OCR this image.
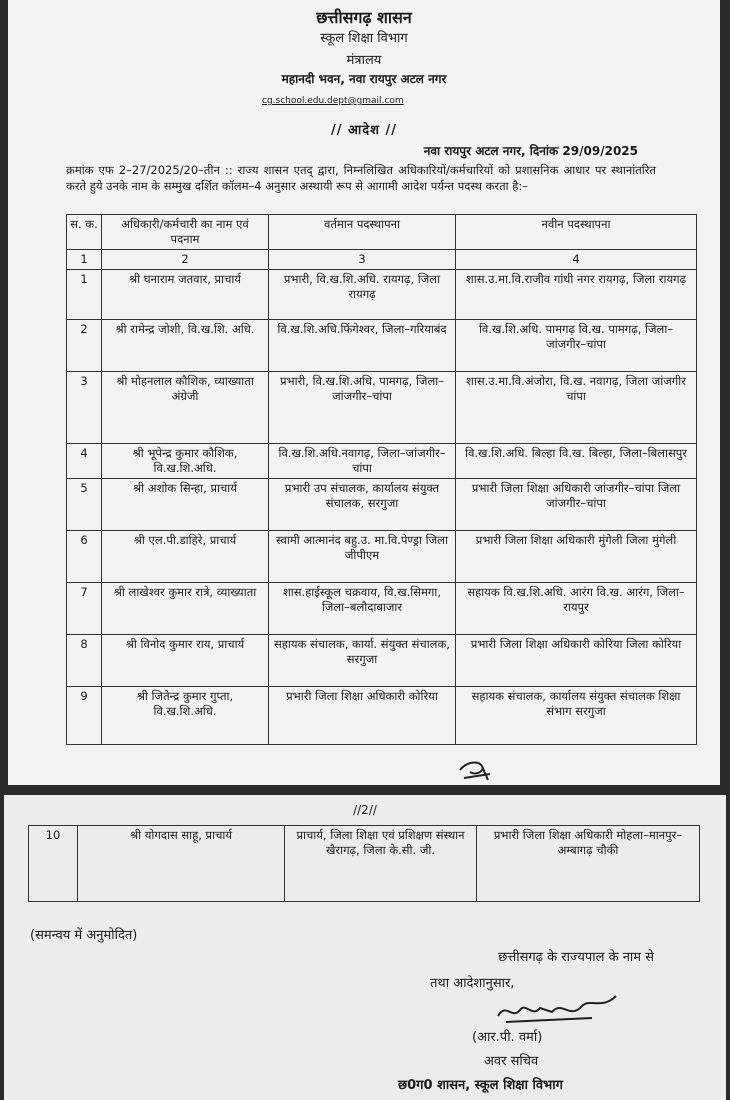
छत्तीसगढ़ शासन
स्कूल शिक्षा विभाग
मंत्रालय
महानदी भवन, नवा रायपुर अटल नगर
cg.school.edu.dept@gmail.com
// आदेश //
नवा रायपुर अटल नगर, दिनांक 29/09/2025
क्रमांक एफ 2–27/2025/20–तीन :: राज्य शासन एतद् द्वारा, निम्नलिखित अधिकारियों/कर्मचारियों को प्रशासनिक आधार पर स्थानांतरित करते हुये उनके नाम के सम्मुख दर्शित कॉलम–4 अनुसार अस्थायी रूप से आगामी आदेश पर्यन्त पदस्थ करता है:–
स. क.	अधिकारी/कर्मचारी का नाम एवं पदनाम	वर्तमान पदस्थापना	नवीन पदस्थापना
1	2	3	4
1	श्री घनाराम जतवार, प्राचार्य	प्रभारी, वि.ख.शि.अधि. रायगढ़, जिला रायगढ़	शास.उ.मा.वि.राजीव गांधी नगर रायगढ़, जिला रायगढ़
2	श्री रामेन्द्र जोशी, वि.ख.शि. अधि.	वि.ख.शि.अधि.फिंगेश्वर, जिला–गरियाबंद	वि.ख.शि.अधि. पामगढ़ वि.ख. पामगढ़, जिला–जांजगीर–चांपा
3	श्री मोहनलाल कौशिक, व्याख्याता अंग्रेजी	प्रभारी, वि.ख.शि.अधि. पामगढ़, जिला–जांजगीर–चांपा	शास.उ.मा.वि.अंजोरा, वि.ख. नवागढ़, जिला जांजगीर चांपा
4	श्री भूपेन्द्र कुमार कौशिक, वि.ख.शि.अधि.	वि.ख.शि.अधि.नवागढ़, जिला–जांजगीर–चांपा	वि.ख.शि.अधि. बिल्हा वि.ख. बिल्हा, जिला–बिलासपुर
5	श्री अशोक सिन्हा, प्राचार्य	प्रभारी उप संचालक, कार्यालय संयुक्त संचालक, सरगुजा	प्रभारी जिला शिक्षा अधिकारी जांजगीर–चांपा जिला जांजगीर–चांपा
6	श्री एल.पी.डाहिरे, प्राचार्य	स्वामी आत्मानंद बहु.उ. मा.वि.पेण्ड्रा जिला जीपीएम	प्रभारी जिला शिक्षा अधिकारी मुंगेली जिला मुंगेली
7	श्री लाखेश्वर कुमार रात्रे, व्याख्याता	शास.हाईस्कूल चक्रवाय, वि.ख.सिमगा, जिला–बलौदाबाजार	सहायक वि.ख.शि.अधि. आरंग वि.ख. आरंग, जिला–रायपुर
8	श्री विनोद कुमार राय, प्राचार्य	सहायक संचालक, कार्या. संयुक्त संचालक, सरगुजा	प्रभारी जिला शिक्षा अधिकारी कोरिया जिला कोरिया
9	श्री जितेन्द्र कुमार गुप्ता, वि.ख.शि.अधि.	प्रभारी जिला शिक्षा अधिकारी कोरिया	सहायक संचालक, कार्यालय संयुक्त संचालक शिक्षा संभाग सरगुजा
//2//
10	श्री योगदास साहू, प्राचार्य	प्राचार्य, जिला शिक्षा एवं प्रशिक्षण संस्थान खैरागढ़, जिला के.सी. जी.	प्रभारी जिला शिक्षा अधिकारी मोहला–मानपुर–अम्बागढ़ चौकी
(समन्वय में अनुमोदित)
छत्तीसगढ़ के राज्यपाल के नाम से
तथा आदेशानुसार,
(आर.पी. वर्मा)
अवर सचिव
छ0ग0 शासन, स्कूल शिक्षा विभाग
